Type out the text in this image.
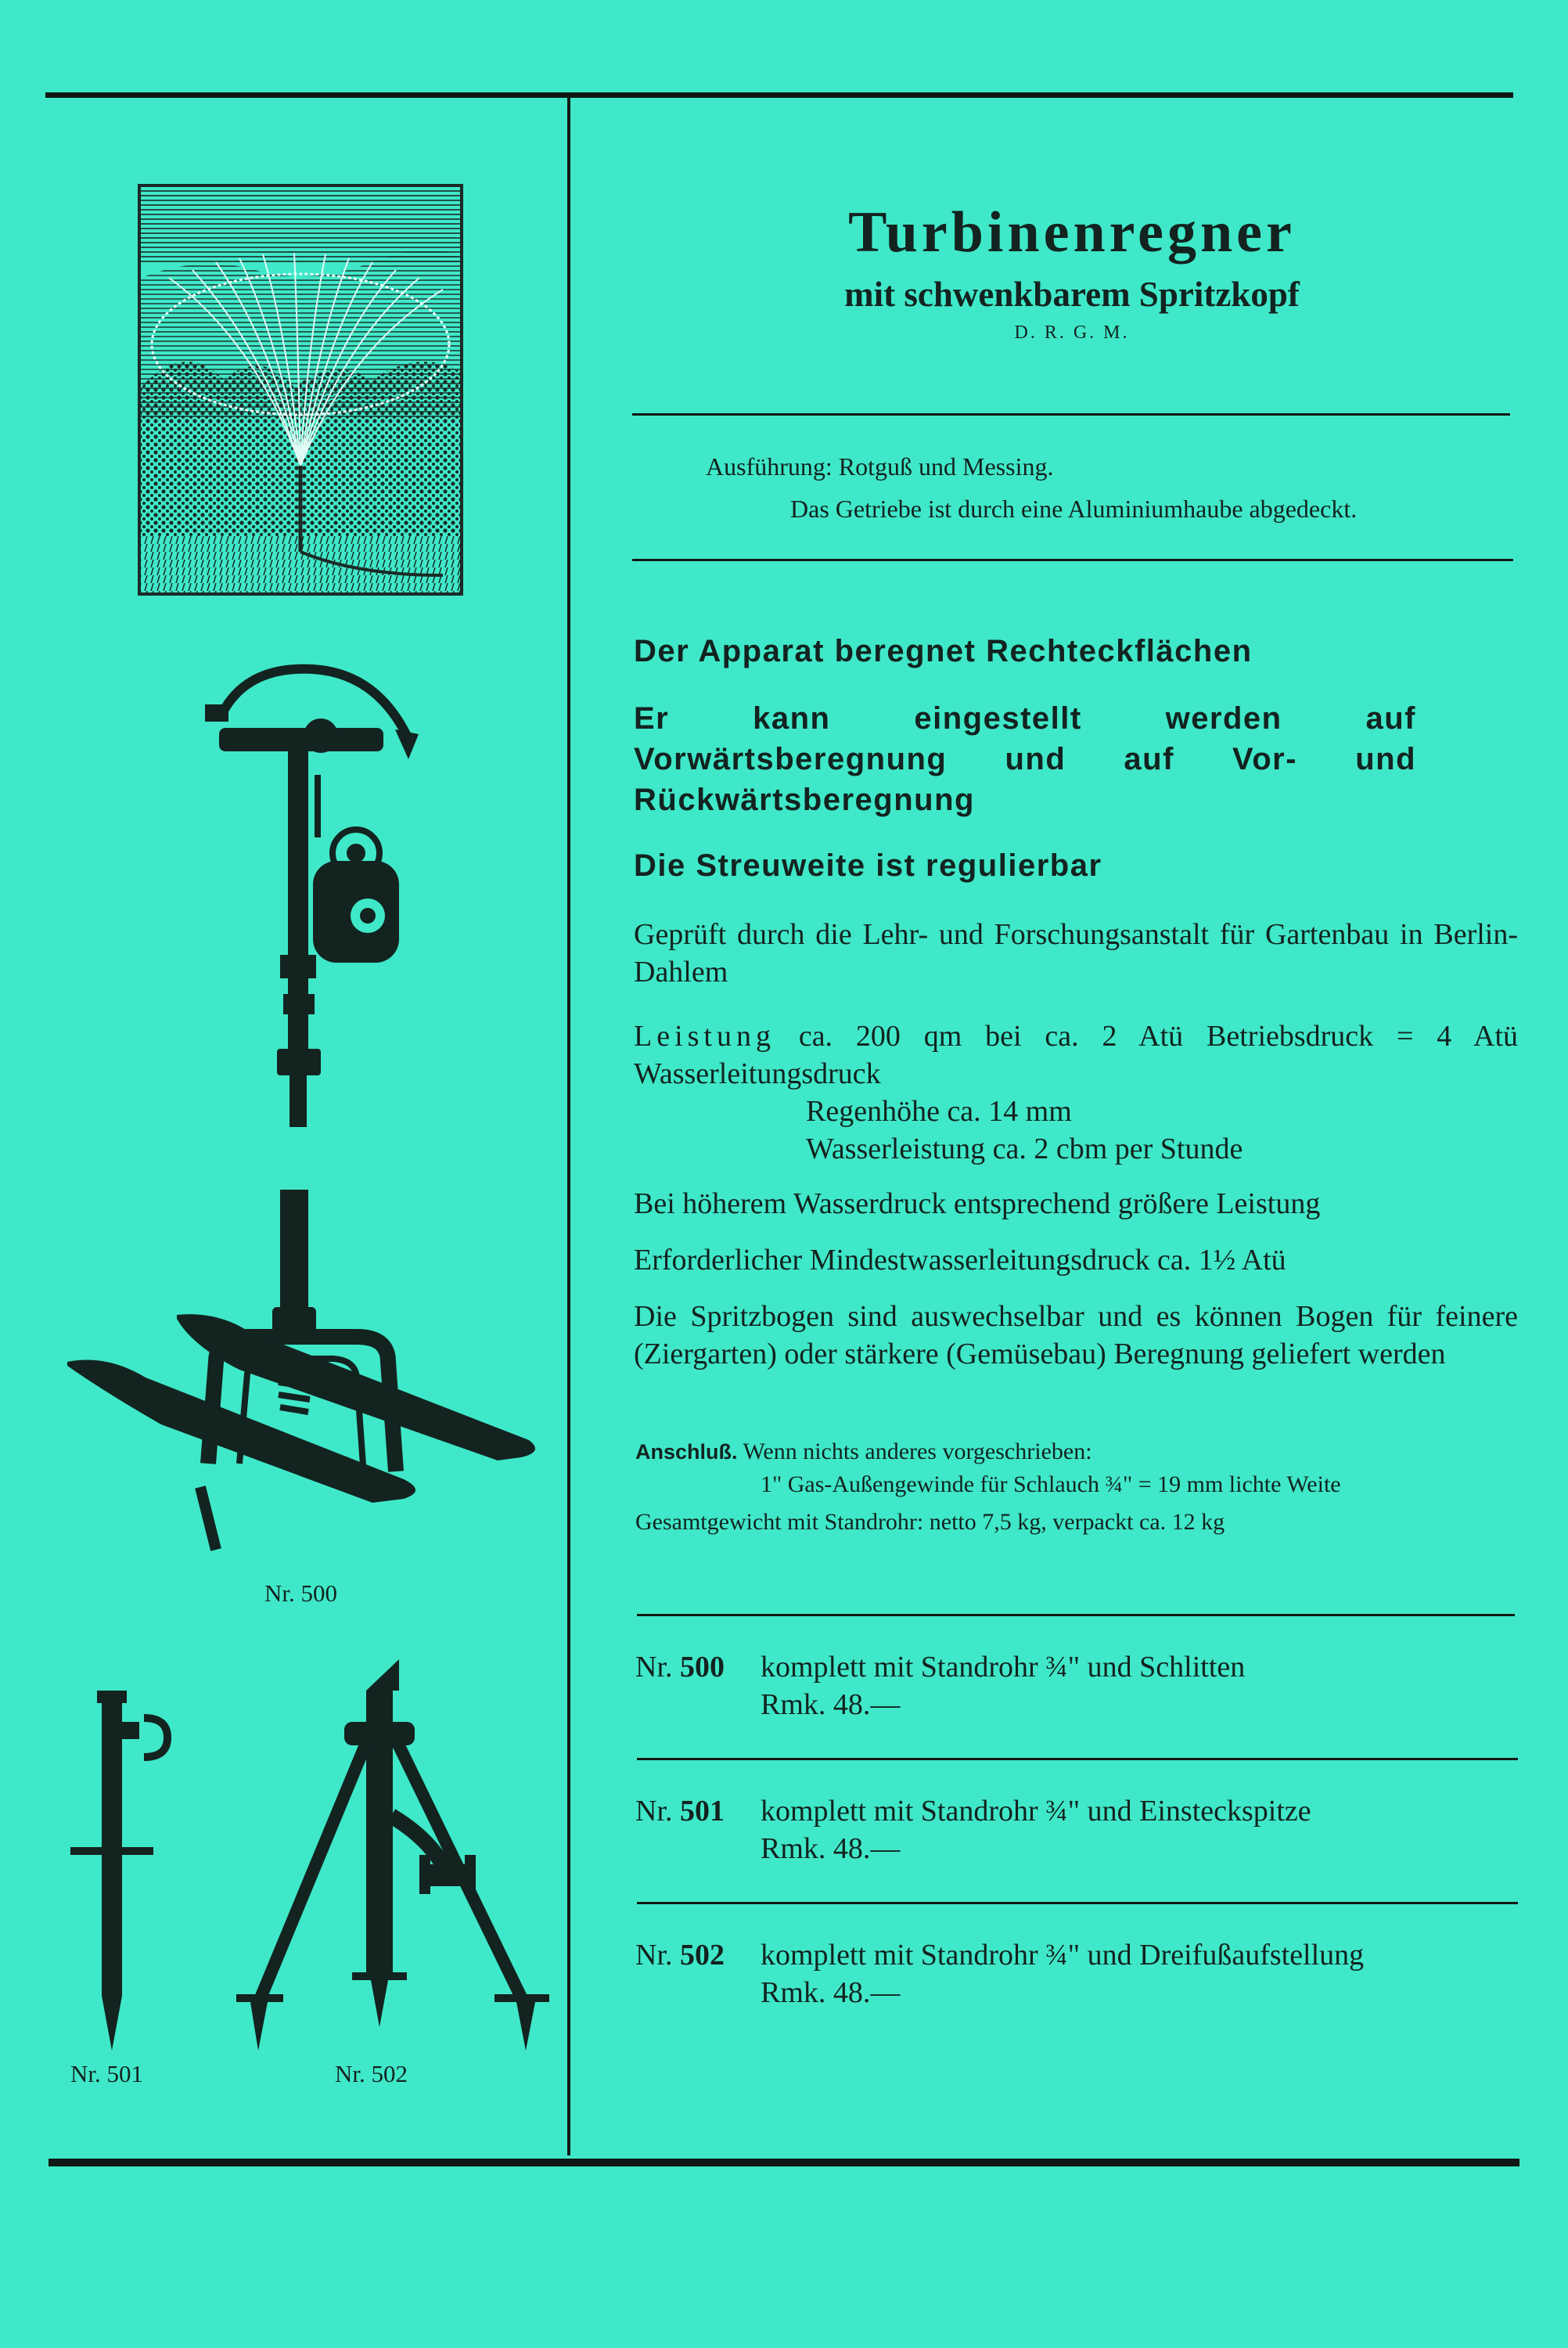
Nr. 500
Nr. 501	Nr. 502
Turbinenregner
mit schwenkbarem Spritzkopf
D. R. G. M.
Ausführung: Rotguß und Messing.
Das Getriebe ist durch eine Aluminiumhaube abgedeckt.
Der Apparat beregnet Rechteckflächen
Er kann eingestellt werden auf Vorwärtsberegnung und auf Vor- und Rückwärtsberegnung
Die Streuweite ist regulierbar
Geprüft durch die Lehr- und Forschungsanstalt für Gartenbau in Berlin-Dahlem
Leistung ca. 200 qm bei ca. 2 Atü Betriebsdruck = 4 Atü Wasserleitungsdruck
Regenhöhe ca. 14 mm
Wasserleistung ca. 2 cbm per Stunde
Bei höherem Wasserdruck entsprechend größere Leistung
Erforderlicher Mindestwasserleitungsdruck ca. 1½ Atü
Die Spritzbogen sind auswechselbar und es können Bogen für feinere (Ziergarten) oder stärkere (Gemüsebau) Beregnung geliefert werden
Anschluß. Wenn nichts anderes vorgeschrieben:
1" Gas-Außengewinde für Schlauch ¾" = 19 mm lichte Weite
Gesamtgewicht mit Standrohr: netto 7,5 kg, verpackt ca. 12 kg
Nr. 500 komplett mit Standrohr ¾" und Schlitten
Rmk. 48.—
Nr. 501 komplett mit Standrohr ¾" und Einsteckspitze
Rmk. 48.—
Nr. 502 komplett mit Standrohr ¾" und Dreifußaufstellung
Rmk. 48.—
